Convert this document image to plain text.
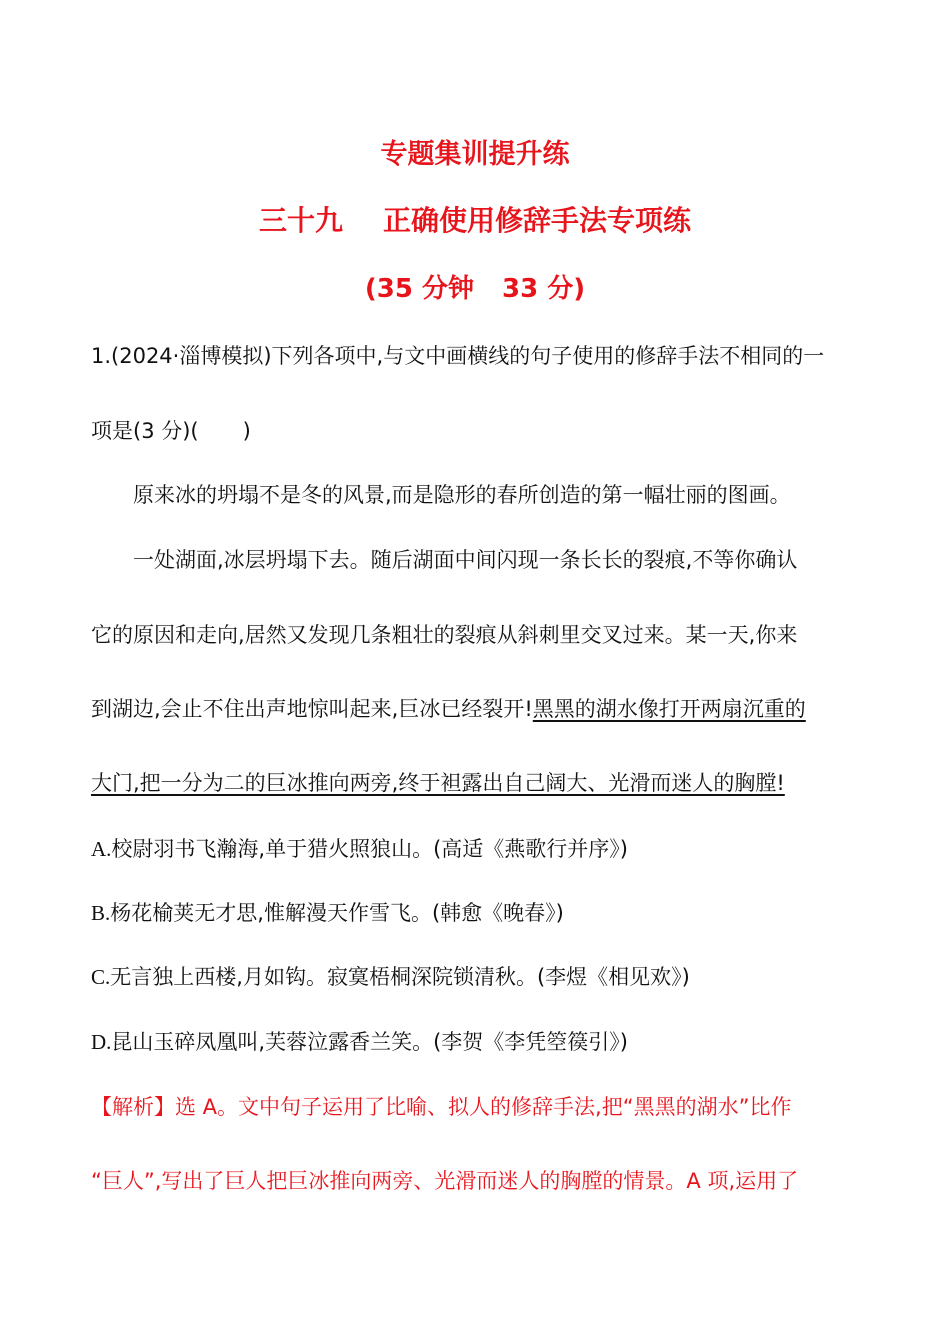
专题集训提升练
三十九 正确使用修辞手法专项练
(35 分钟 33 分)
1.(2024·淄博模拟)下列各项中,与文中画横线的句子使用的修辞手法不相同的一
项是(3 分)( )
原来冰的坍塌不是冬的风景,而是隐形的春所创造的第一幅壮丽的图画。
一处湖面,冰层坍塌下去。随后湖面中间闪现一条长长的裂痕,不等你确认
它的原因和走向,居然又发现几条粗壮的裂痕从斜刺里交叉过来。某一天,你来
到湖边,会止不住出声地惊叫起来,巨冰已经裂开!黑黑的湖水像打开两扇沉重的
大门,把一分为二的巨冰推向两旁,终于袒露出自己阔大、光滑而迷人的胸膛!
A.校尉羽书飞瀚海,单于猎火照狼山。(高适《燕歌行并序》)
B.杨花榆荚无才思,惟解漫天作雪飞。(韩愈《晚春》)
C.无言独上西楼,月如钩。寂寞梧桐深院锁清秋。(李煜《相见欢》)
D.昆山玉碎凤凰叫,芙蓉泣露香兰笑。(李贺《李凭箜篌引》)
【解析】选 A。文中句子运用了比喻、拟人的修辞手法,把“黑黑的湖水”比作
“巨人”,写出了巨人把巨冰推向两旁、光滑而迷人的胸膛的情景。A 项,运用了
